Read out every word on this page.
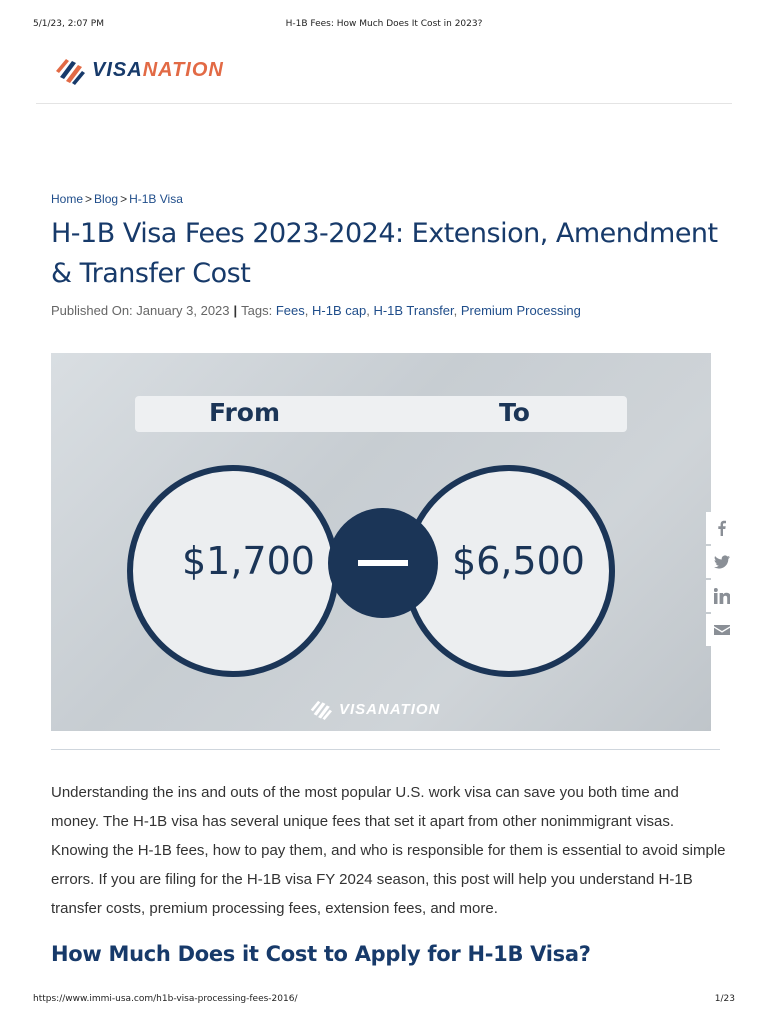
5/1/23, 2:07 PM	H-1B Fees: How Much Does It Cost in 2023?
VISANATION
Home > Blog > H-1B Visa
H-1B Visa Fees 2023-2024: Extension, Amendment & Transfer Cost
Published On: January 3, 2023 | Tags: Fees, H-1B cap, H-1B Transfer, Premium Processing
From	To
$1,700	$6,500
VISANATION

Understanding the ins and outs of the most popular U.S. work visa can save you both time and money. The H-1B visa has several unique fees that set it apart from other nonimmigrant visas. Knowing the H-1B fees, how to pay them, and who is responsible for them is essential to avoid simple errors. If you are filing for the H-1B visa FY 2024 season, this post will help you understand H-1B transfer costs, premium processing fees, extension fees, and more.

How Much Does it Cost to Apply for H-1B Visa?
https://www.immi-usa.com/h1b-visa-processing-fees-2016/	1/23
